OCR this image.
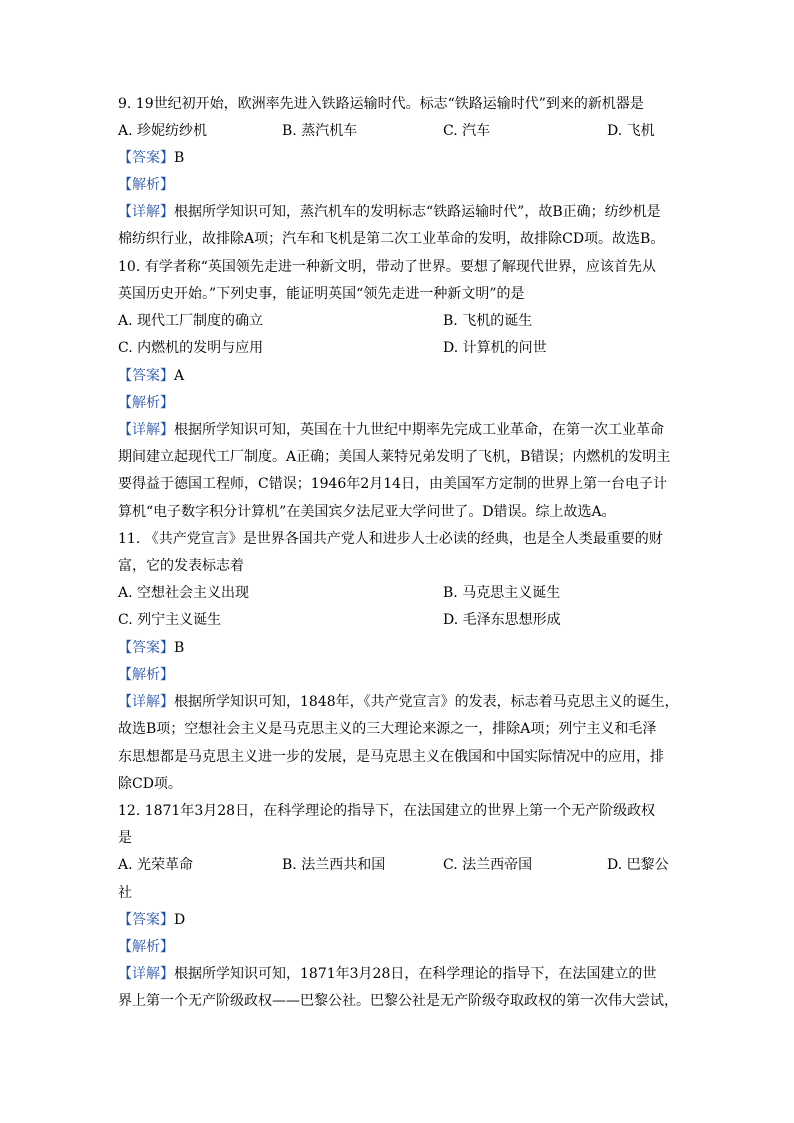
9. 19世纪初开始，欧洲率先进入铁路运输时代。标志“铁路运输时代”到来的新机器是
A. 珍妮纺纱机	B. 蒸汽机车	C. 汽车	D. 飞机
【答案】B
【解析】
【详解】根据所学知识可知，蒸汽机车的发明标志“铁路运输时代”，故B正确；纺纱机是
棉纺织行业，故排除A项；汽车和飞机是第二次工业革命的发明，故排除CD项。故选B。
10. 有学者称“英国领先走进一种新文明，带动了世界。要想了解现代世界，应该首先从
英国历史开始。”下列史事，能证明英国“领先走进一种新文明”的是
A. 现代工厂制度的确立	B. 飞机的诞生
C. 内燃机的发明与应用	D. 计算机的问世
【答案】A
【解析】
【详解】根据所学知识可知，英国在十九世纪中期率先完成工业革命，在第一次工业革命
期间建立起现代工厂制度。A正确；美国人莱特兄弟发明了飞机，B错误；内燃机的发明主
要得益于德国工程师，C错误；1946年2月14日，由美国军方定制的世界上第一台电子计
算机“电子数字积分计算机”在美国宾夕法尼亚大学问世了。D错误。综上故选A。
11. 《共产党宣言》是世界各国共产党人和进步人士必读的经典，也是全人类最重要的财
富，它的发表标志着
A. 空想社会主义出现	B. 马克思主义诞生
C. 列宁主义诞生	D. 毛泽东思想形成
【答案】B
【解析】
【详解】根据所学知识可知，1848年，《共产党宣言》的发表，标志着马克思主义的诞生，
故选B项；空想社会主义是马克思主义的三大理论来源之一，排除A项；列宁主义和毛泽
东思想都是马克思主义进一步的发展，是马克思主义在俄国和中国实际情况中的应用，排
除CD项。
12. 1871年3月28日，在科学理论的指导下，在法国建立的世界上第一个无产阶级政权
是
A. 光荣革命	B. 法兰西共和国	C. 法兰西帝国	D. 巴黎公
社
【答案】D
【解析】
【详解】根据所学知识可知，1871年3月28日，在科学理论的指导下，在法国建立的世
界上第一个无产阶级政权——巴黎公社。巴黎公社是无产阶级夺取政权的第一次伟大尝试，
